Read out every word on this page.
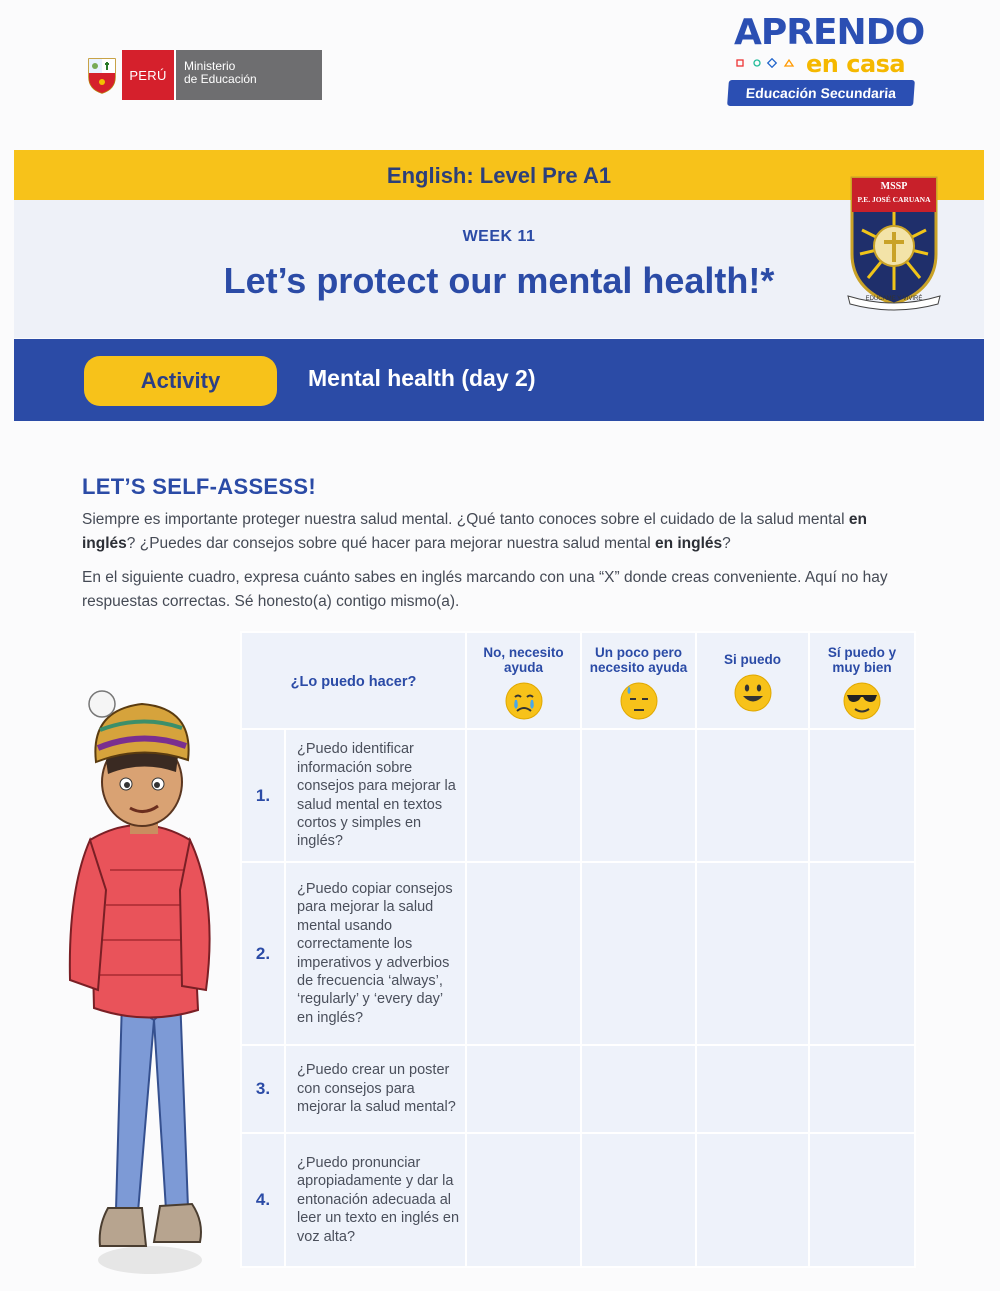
PERÚ
Ministerio
de Educación
APRENDO
en casa
Educación Secundaria
English: Level Pre A1
WEEK 11
Let’s protect our mental health!*
MSSP
P.E. JOSÉ CARUANA
EDÚCAME Y VIVIRÉ
Activity	Mental health (day 2)
LET’S SELF-ASSESS!

Siempre es importante proteger nuestra salud mental. ¿Qué tanto conoces sobre el cuidado de la salud mental en inglés? ¿Puedes dar consejos sobre qué hacer para mejorar nuestra salud mental en inglés?

En el siguiente cuadro, expresa cuánto sabes en inglés marcando con una “X” donde creas conveniente. Aquí no hay respuestas correctas. Sé honesto(a) contigo mismo(a).

¿Lo puedo hacer?		No, necesito ayuda	Un poco pero necesito ayuda	Si puedo	Sí puedo y muy bien

1.	¿Puedo identificar información sobre consejos para mejorar la salud mental en textos cortos y simples en inglés?				
2.	¿Puedo copiar consejos para mejorar la salud mental usando correctamente los imperativos y adverbios de frecuencia ‘always’, ‘regularly’ y ‘every day’ en inglés?				
3.	¿Puedo crear un poster con consejos para mejorar la salud mental?				
4.	¿Puedo pronunciar apropiadamente y dar la entonación adecuada al leer un texto en inglés en voz alta?				
